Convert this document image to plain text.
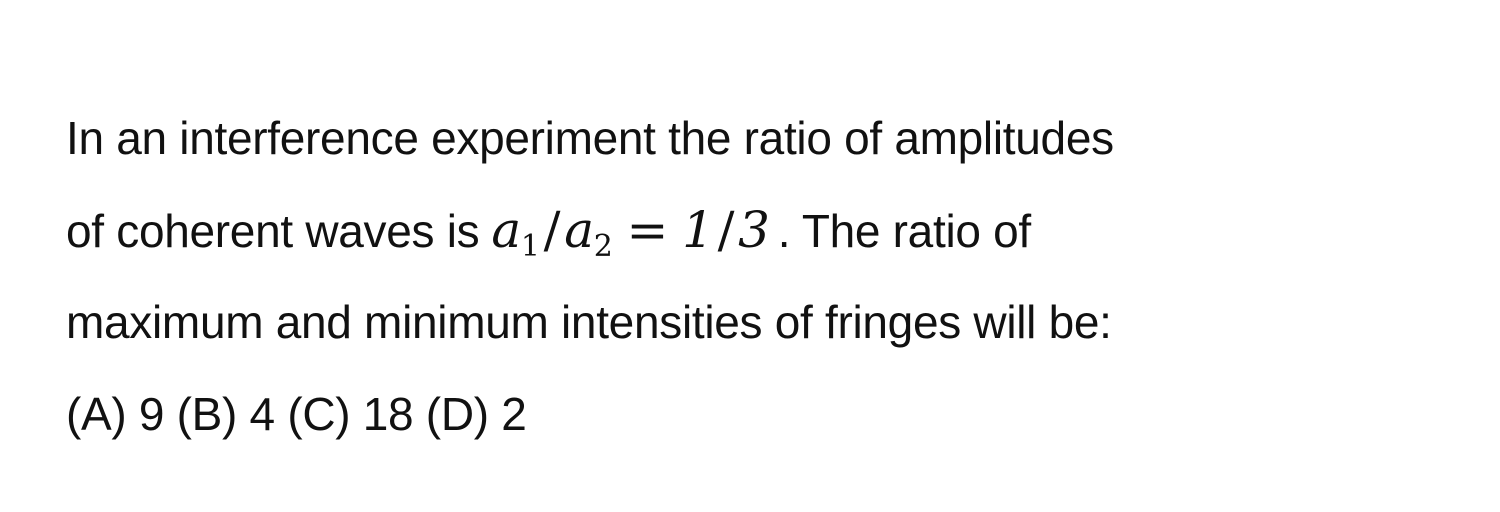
In an interference experiment the ratio of amplitudes
of coherent waves is $a_1/a_2 = 1/3$ . The ratio of
maximum and minimum intensities of fringes will be:
(A) 9 (B) 4 (C) 18 (D) 2
